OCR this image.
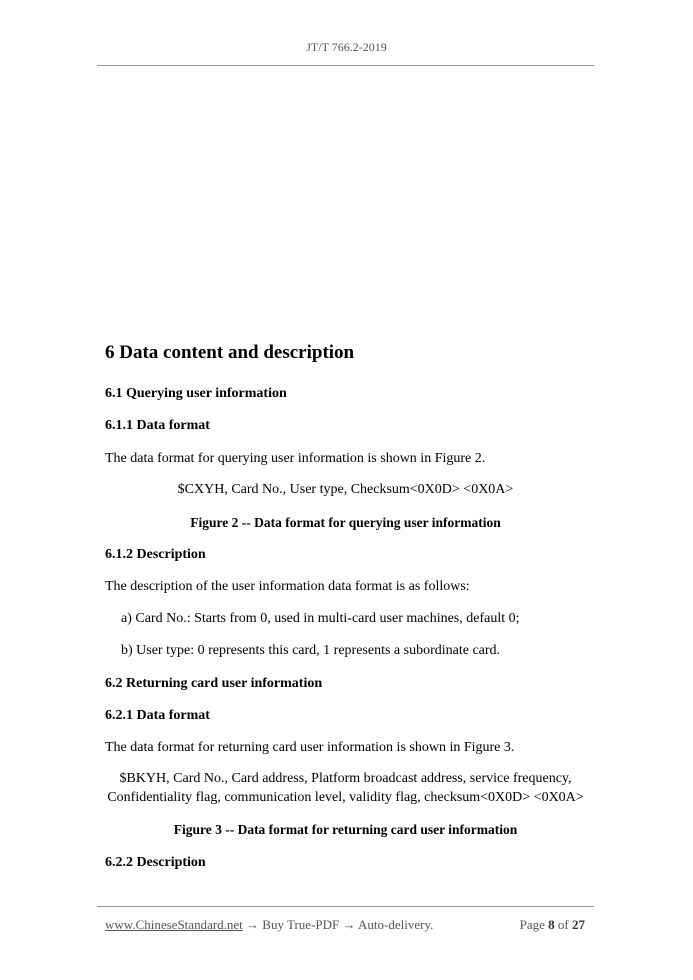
JT/T 766.2-2019
6 Data content and description
6.1 Querying user information
6.1.1 Data format
The data format for querying user information is shown in Figure 2.
$CXYH, Card No., User type, Checksum<0X0D> <0X0A>
Figure 2 -- Data format for querying user information
6.1.2 Description
The description of the user information data format is as follows:
a) Card No.: Starts from 0, used in multi-card user machines, default 0;
b) User type: 0 represents this card, 1 represents a subordinate card.
6.2 Returning card user information
6.2.1 Data format
The data format for returning card user information is shown in Figure 3.
$BKYH, Card No., Card address, Platform broadcast address, service frequency,
Confidentiality flag, communication level, validity flag, checksum<0X0D> <0X0A>
Figure 3 -- Data format for returning card user information
6.2.2 Description
www.ChineseStandard.net → Buy True-PDF → Auto-delivery.	Page 8 of 27
